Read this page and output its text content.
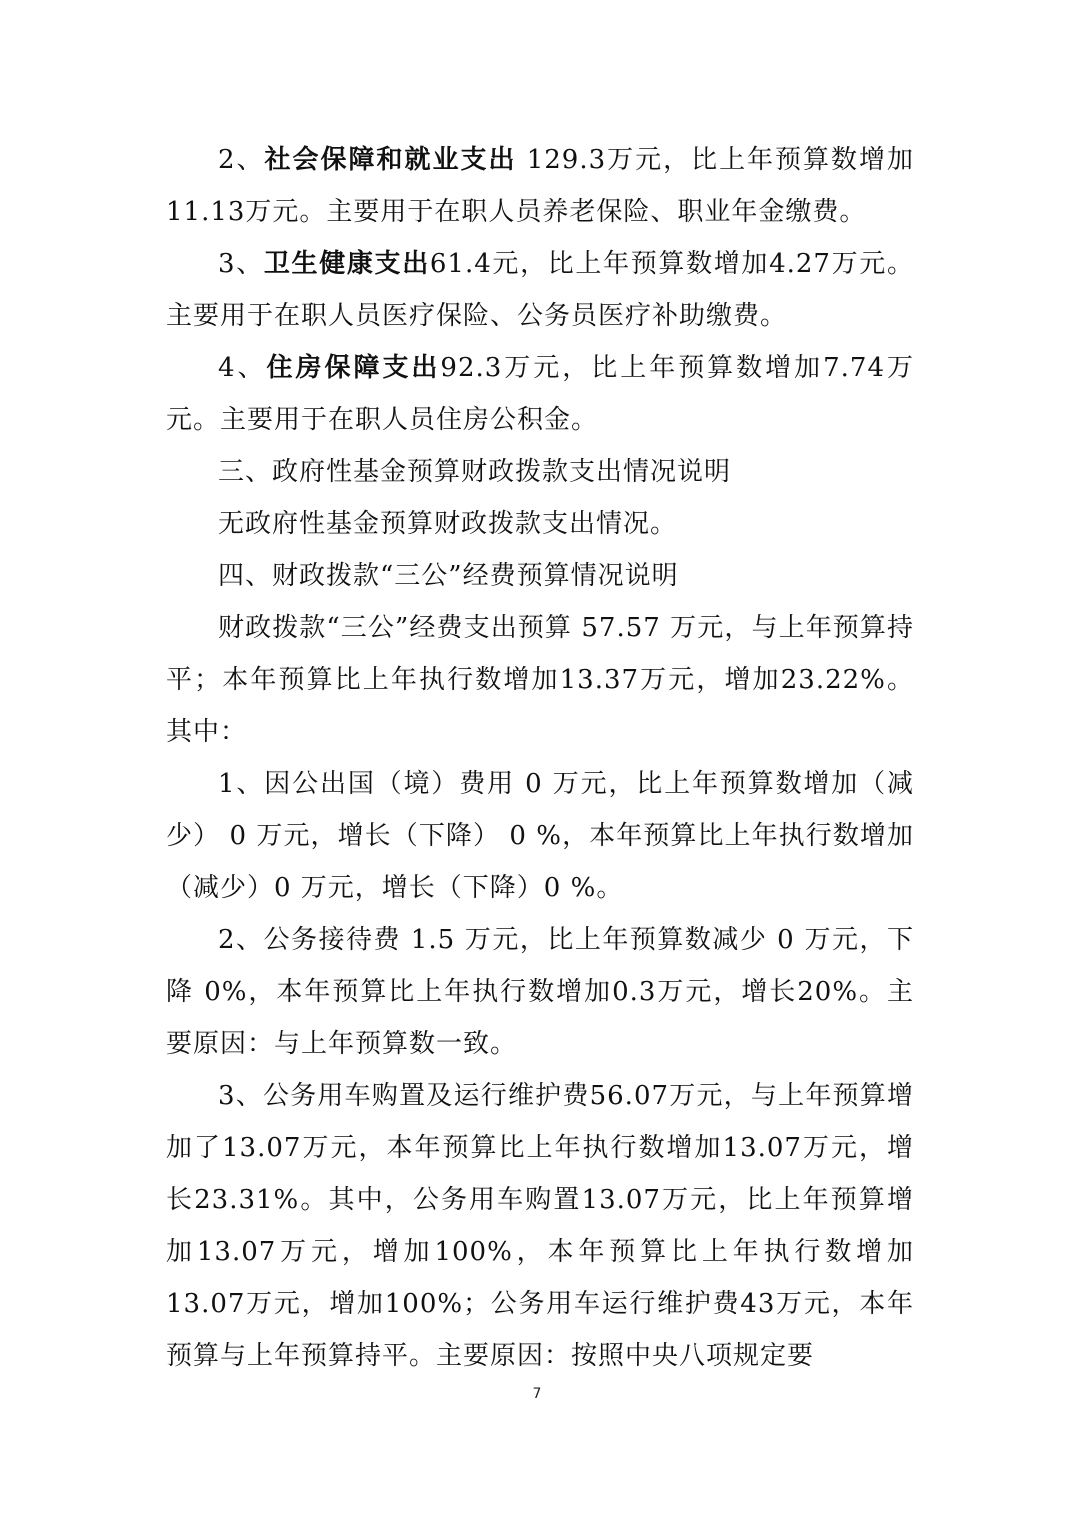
2、社会保障和就业支出 129.3万元，比上年预算数增加11.13万元。主要用于在职人员养老保险、职业年金缴费。

3、卫生健康支出61.4元，比上年预算数增加4.27万元。主要用于在职人员医疗保险、公务员医疗补助缴费。

4、住房保障支出92.3万元，比上年预算数增加7.74万元。主要用于在职人员住房公积金。

三、政府性基金预算财政拨款支出情况说明

无政府性基金预算财政拨款支出情况。

四、财政拨款“三公”经费预算情况说明

财政拨款“三公”经费支出预算 57.57 万元，与上年预算持平；本年预算比上年执行数增加13.37万元，增加23.22%。其中：

1、因公出国（境）费用 0 万元，比上年预算数增加（减少） 0 万元，增长（下降） 0 %，本年预算比上年执行数增加（减少）0 万元，增长（下降）0 %。

2、公务接待费 1.5 万元，比上年预算数减少 0 万元，下降 0%，本年预算比上年执行数增加0.3万元，增长20%。主要原因：与上年预算数一致。

3、公务用车购置及运行维护费56.07万元，与上年预算增加了13.07万元，本年预算比上年执行数增加13.07万元，增长23.31%。其中，公务用车购置13.07万元，比上年预算增加13.07万元，增加100%，本年预算比上年执行数增加13.07万元，增加100%；公务用车运行维护费43万元，本年预算与上年预算持平。主要原因：按照中央八项规定要

7
